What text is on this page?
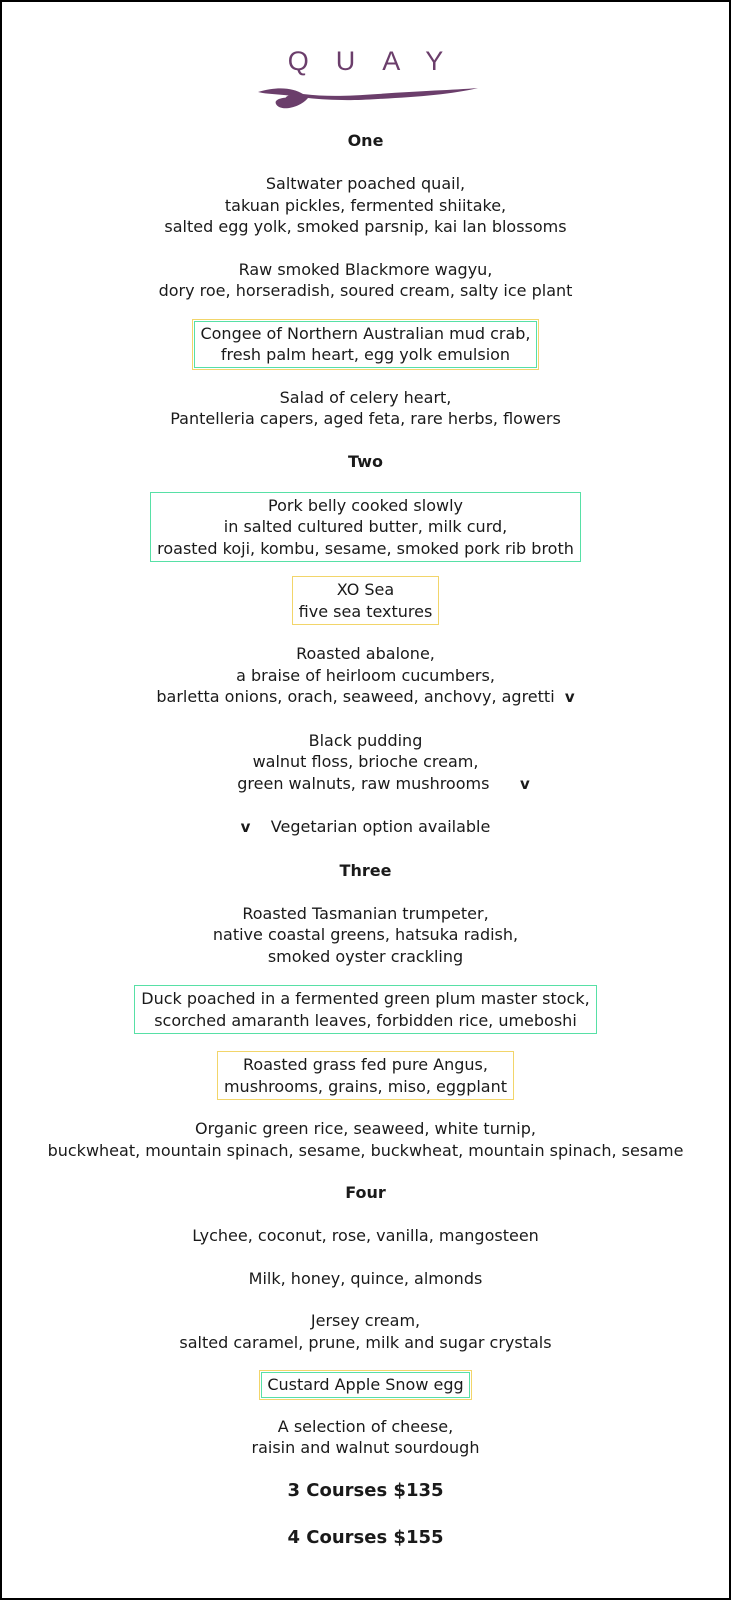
QUAY

One

Saltwater poached quail,
takuan pickles, fermented shiitake,
salted egg yolk, smoked parsnip, kai lan blossoms
Raw smoked Blackmore wagyu,
dory roe, horseradish, soured cream, salty ice plant
Congee of Northern Australian mud crab,
fresh palm heart, egg yolk emulsion
Salad of celery heart,
Pantelleria capers, aged feta, rare herbs, flowers

Two

Pork belly cooked slowly
in salted cultured butter, milk curd,
roasted koji, kombu, sesame, smoked pork rib broth
XO Sea
five sea textures
Roasted abalone,
a braise of heirloom cucumbers,
barletta onions, orach, seaweed, anchovy, agretti v
Black pudding
walnut floss, brioche cream,
green walnuts, raw mushrooms v
v Vegetarian option available

Three

Roasted Tasmanian trumpeter,
native coastal greens, hatsuka radish,
smoked oyster crackling
Duck poached in a fermented green plum master stock,
scorched amaranth leaves, forbidden rice, umeboshi
Roasted grass fed pure Angus,
mushrooms, grains, miso, eggplant
Organic green rice, seaweed, white turnip,
buckwheat, mountain spinach, sesame, buckwheat, mountain spinach, sesame

Four

Lychee, coconut, rose, vanilla, mangosteen
Milk, honey, quince, almonds
Jersey cream,
salted caramel, prune, milk and sugar crystals
Custard Apple Snow egg
A selection of cheese,
raisin and walnut sourdough

3 Courses $135

4 Courses $155
